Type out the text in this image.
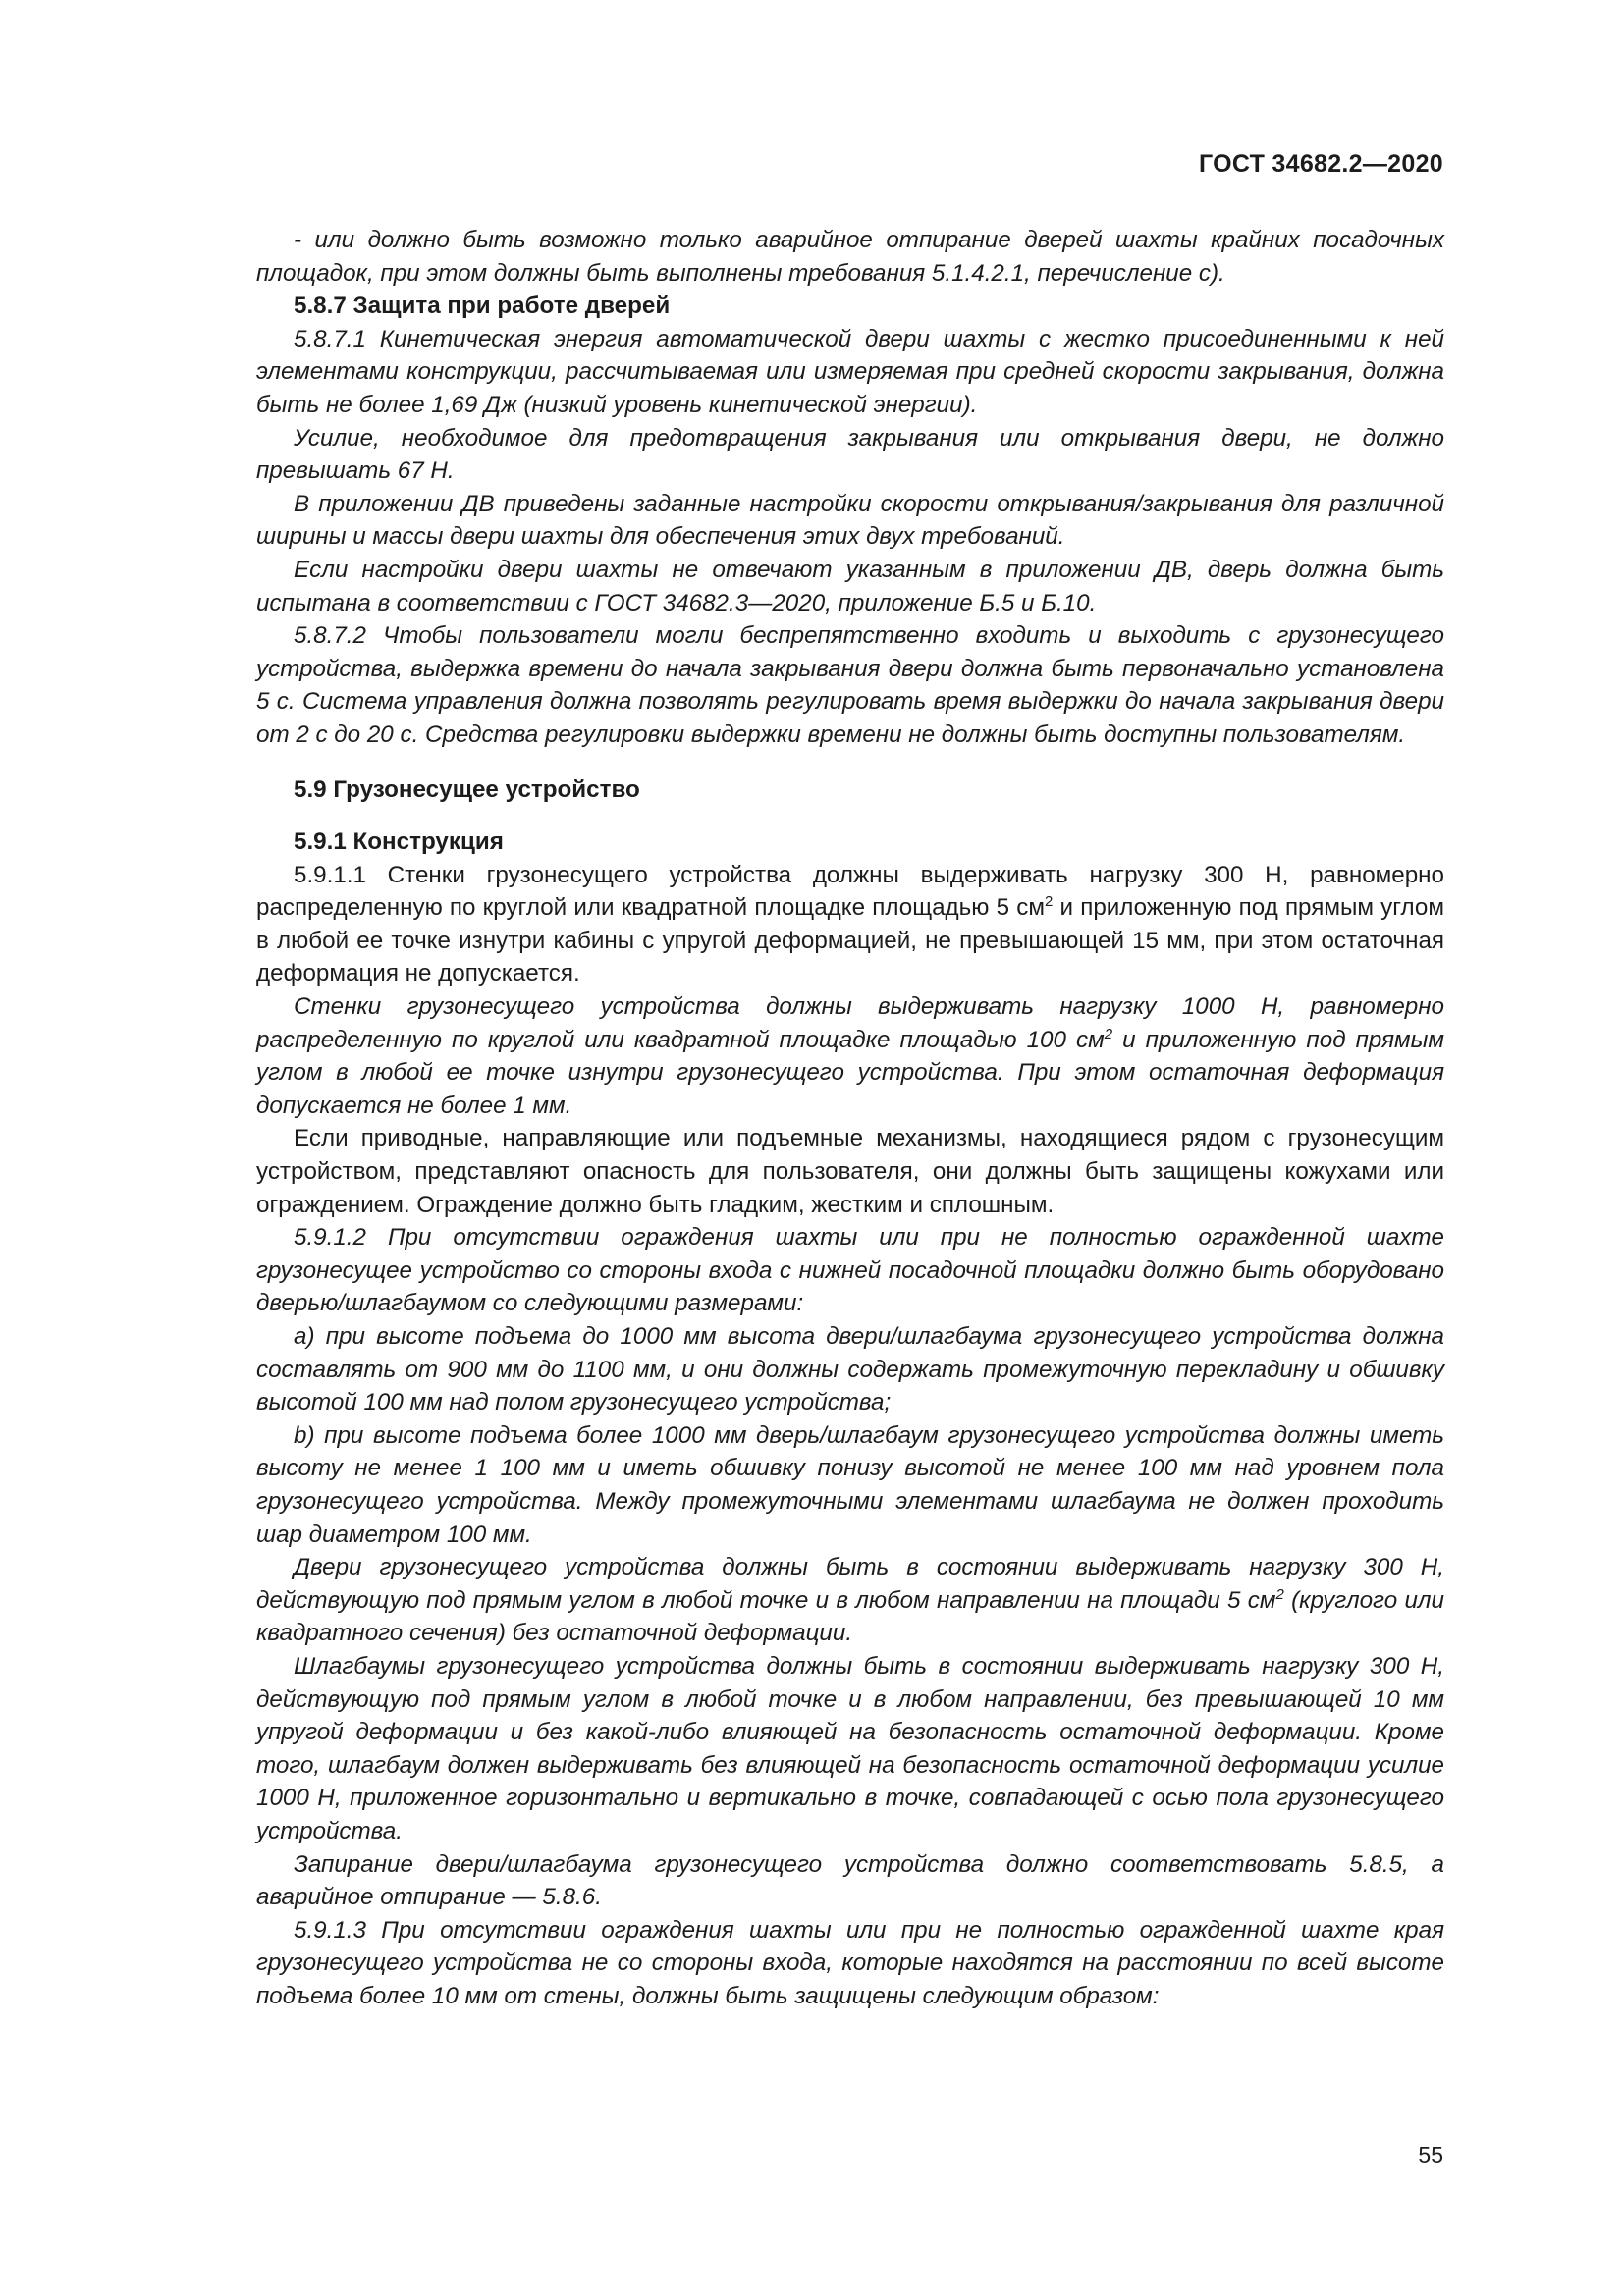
ГОСТ 34682.2—2020

- или должно быть возможно только аварийное отпирание дверей шахты крайних посадочных площадок, при этом должны быть выполнены требования 5.1.4.2.1, перечисление с).

5.8.7 Защита при работе дверей

5.8.7.1 Кинетическая энергия автоматической двери шахты с жестко присоединенными к ней элементами конструкции, рассчитываемая или измеряемая при средней скорости закрывания, должна быть не более 1,69 Дж (низкий уровень кинетической энергии).

Усилие, необходимое для предотвращения закрывания или открывания двери, не должно превышать 67 Н.

В приложении ДВ приведены заданные настройки скорости открывания/закрывания для различной ширины и массы двери шахты для обеспечения этих двух требований.

Если настройки двери шахты не отвечают указанным в приложении ДВ, дверь должна быть испытана в соответствии с ГОСТ 34682.3—2020, приложение Б.5 и Б.10.

5.8.7.2 Чтобы пользователи могли беспрепятственно входить и выходить с грузонесущего устройства, выдержка времени до начала закрывания двери должна быть первоначально установлена 5 с. Система управления должна позволять регулировать время выдержки до начала закрывания двери от 2 с до 20 с. Средства регулировки выдержки времени не должны быть доступны пользователям.

5.9 Грузонесущее устройство

5.9.1 Конструкция

5.9.1.1 Стенки грузонесущего устройства должны выдерживать нагрузку 300 Н, равномерно распределенную по круглой или квадратной площадке площадью 5 $см^2$ и приложенную под прямым углом в любой ее точке изнутри кабины с упругой деформацией, не превышающей 15 мм, при этом остаточная деформация не допускается.

Стенки грузонесущего устройства должны выдерживать нагрузку 1000 Н, равномерно распределенную по круглой или квадратной площадке площадью 100 $см^2$ и приложенную под прямым углом в любой ее точке изнутри грузонесущего устройства. При этом остаточная деформация допускается не более 1 мм.

Если приводные, направляющие или подъемные механизмы, находящиеся рядом с грузонесущим устройством, представляют опасность для пользователя, они должны быть защищены кожухами или ограждением. Ограждение должно быть гладким, жестким и сплошным.

5.9.1.2 При отсутствии ограждения шахты или при не полностью огражденной шахте грузонесущее устройство со стороны входа с нижней посадочной площадки должно быть оборудовано дверью/шлагбаумом со следующими размерами:

a) при высоте подъема до 1000 мм высота двери/шлагбаума грузонесущего устройства должна составлять от 900 мм до 1100 мм, и они должны содержать промежуточную перекладину и обшивку высотой 100 мм над полом грузонесущего устройства;

b) при высоте подъема более 1000 мм дверь/шлагбаум грузонесущего устройства должны иметь высоту не менее 1 100 мм и иметь обшивку понизу высотой не менее 100 мм над уровнем пола грузонесущего устройства. Между промежуточными элементами шлагбаума не должен проходить шар диаметром 100 мм.

Двери грузонесущего устройства должны быть в состоянии выдерживать нагрузку 300 Н, действующую под прямым углом в любой точке и в любом направлении на площади 5 $см^2$ (круглого или квадратного сечения) без остаточной деформации.

Шлагбаумы грузонесущего устройства должны быть в состоянии выдерживать нагрузку 300 Н, действующую под прямым углом в любой точке и в любом направлении, без превышающей 10 мм упругой деформации и без какой-либо влияющей на безопасность остаточной деформации. Кроме того, шлагбаум должен выдерживать без влияющей на безопасность остаточной деформации усилие 1000 Н, приложенное горизонтально и вертикально в точке, совпадающей с осью пола грузонесущего устройства.

Запирание двери/шлагбаума грузонесущего устройства должно соответствовать 5.8.5, а аварийное отпирание — 5.8.6.

5.9.1.3 При отсутствии ограждения шахты или при не полностью огражденной шахте края грузонесущего устройства не со стороны входа, которые находятся на расстоянии по всей высоте подъема более 10 мм от стены, должны быть защищены следующим образом:

55
